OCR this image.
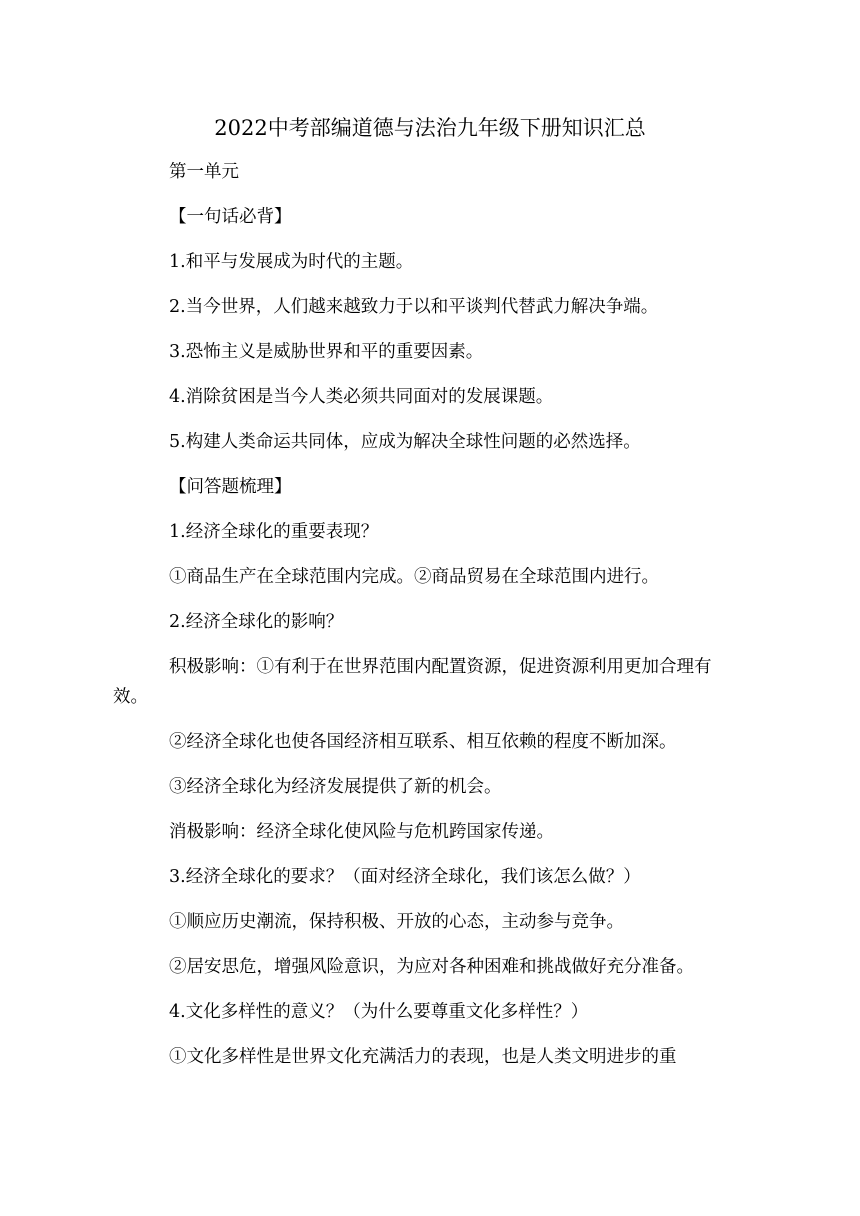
2022中考部编道德与法治九年级下册知识汇总

第一单元

【一句话必背】

1.和平与发展成为时代的主题。

2.当今世界，人们越来越致力于以和平谈判代替武力解决争端。

3.恐怖主义是威胁世界和平的重要因素。

4.消除贫困是当今人类必须共同面对的发展课题。

5.构建人类命运共同体，应成为解决全球性问题的必然选择。

【问答题梳理】

1.经济全球化的重要表现？

①商品生产在全球范围内完成。②商品贸易在全球范围内进行。

2.经济全球化的影响？

积极影响：①有利于在世界范围内配置资源，促进资源利用更加合理有效。

②经济全球化也使各国经济相互联系、相互依赖的程度不断加深。

③经济全球化为经济发展提供了新的机会。

消极影响：经济全球化使风险与危机跨国家传递。

3.经济全球化的要求？（面对经济全球化，我们该怎么做？）

①顺应历史潮流，保持积极、开放的心态，主动参与竞争。

②居安思危，增强风险意识，为应对各种困难和挑战做好充分准备。

4.文化多样性的意义？（为什么要尊重文化多样性？）

①文化多样性是世界文化充满活力的表现，也是人类文明进步的重
